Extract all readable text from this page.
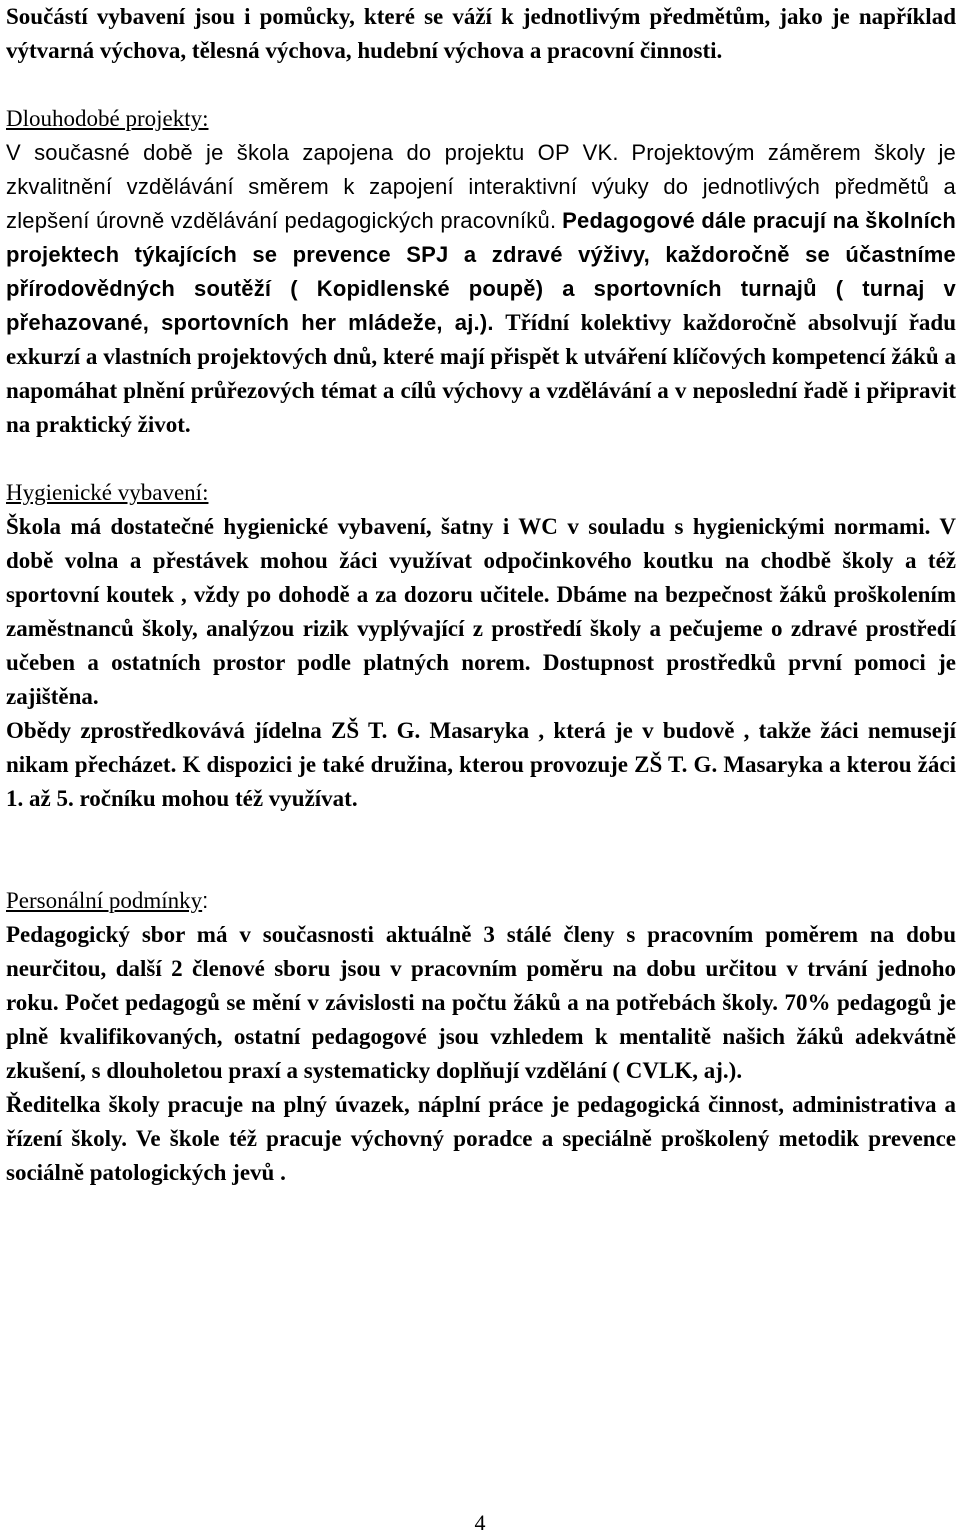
Součástí vybavení jsou i pomůcky, které se váží k jednotlivým předmětům, jako je například výtvarná výchova, tělesná výchova, hudební výchova a pracovní činnosti.

Dlouhodobé projekty:

V současné době je škola zapojena do projektu OP VK. Projektovým záměrem školy je zkvalitnění vzdělávání směrem k zapojení interaktivní výuky do jednotlivých předmětů a zlepšení úrovně vzdělávání pedagogických pracovníků. Pedagogové dále pracují na školních projektech týkajících se prevence SPJ a zdravé výživy, každoročně se účastníme přírodovědných soutěží ( Kopidlenské poupě) a sportovních turnajů ( turnaj v přehazované, sportovních her mládeže, aj.). Třídní kolektivy každoročně absolvují řadu exkurzí a vlastních projektových dnů, které mají přispět k utváření klíčových kompetencí žáků a napomáhat plnění průřezových témat a cílů výchovy a vzdělávání a v neposlední řadě i připravit na praktický život.

Hygienické vybavení:

Škola má dostatečné hygienické vybavení, šatny i WC v souladu s hygienickými normami. V době volna a přestávek mohou žáci využívat odpočinkového koutku na chodbě školy a též sportovní koutek , vždy po dohodě a za dozoru učitele. Dbáme na bezpečnost žáků proškolením zaměstnanců školy, analýzou rizik vyplývající z prostředí školy a pečujeme o zdravé prostředí učeben a ostatních prostor podle platných norem. Dostupnost prostředků první pomoci je zajištěna.

Obědy zprostředkovává jídelna ZŠ T. G. Masaryka , která je v budově , takže žáci nemusejí nikam přecházet. K dispozici je také družina, kterou provozuje ZŠ T. G. Masaryka a kterou žáci 1. až 5. ročníku mohou též využívat.

Personální podmínky:

Pedagogický sbor má v současnosti aktuálně 3 stálé členy s pracovním poměrem na dobu neurčitou, další 2 členové sboru jsou v pracovním poměru na dobu určitou v trvání jednoho roku. Počet pedagogů se mění v závislosti na počtu žáků a na potřebách školy. 70% pedagogů je plně kvalifikovaných, ostatní pedagogové jsou vzhledem k mentalitě našich žáků adekvátně zkušení, s dlouholetou praxí a systematicky doplňují vzdělání ( CVLK, aj.).

Ředitelka školy pracuje na plný úvazek, náplní práce je pedagogická činnost, administrativa a řízení školy. Ve škole též pracuje výchovný poradce a speciálně proškolený metodik prevence sociálně patologických jevů .

4
